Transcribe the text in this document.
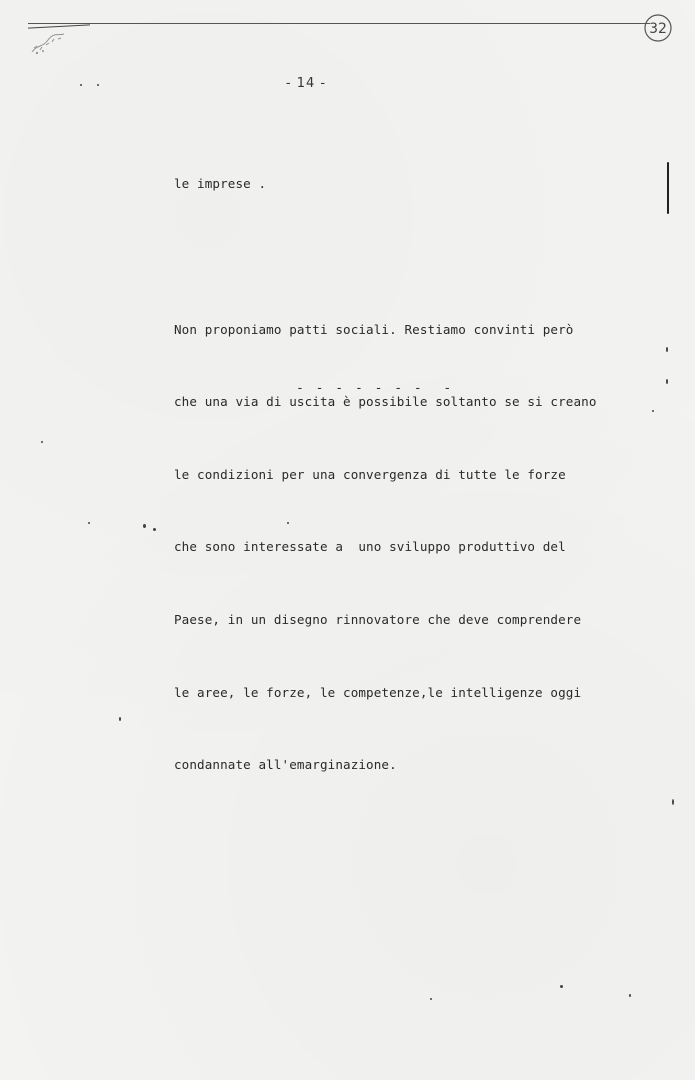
32
- 14 -

le imprese .

Non proponiamo patti sociali. Restiamo convinti però

che una via di uscita è possibile soltanto se si creano

le condizioni per una convergenza di tutte le forze

che sono interessate a  uno sviluppo produttivo del

Paese, in un disegno rinnovatore che deve comprendere

le aree, le forze, le competenze,le intelligenze oggi

condannate all'emarginazione.

- - - - - - -  -
